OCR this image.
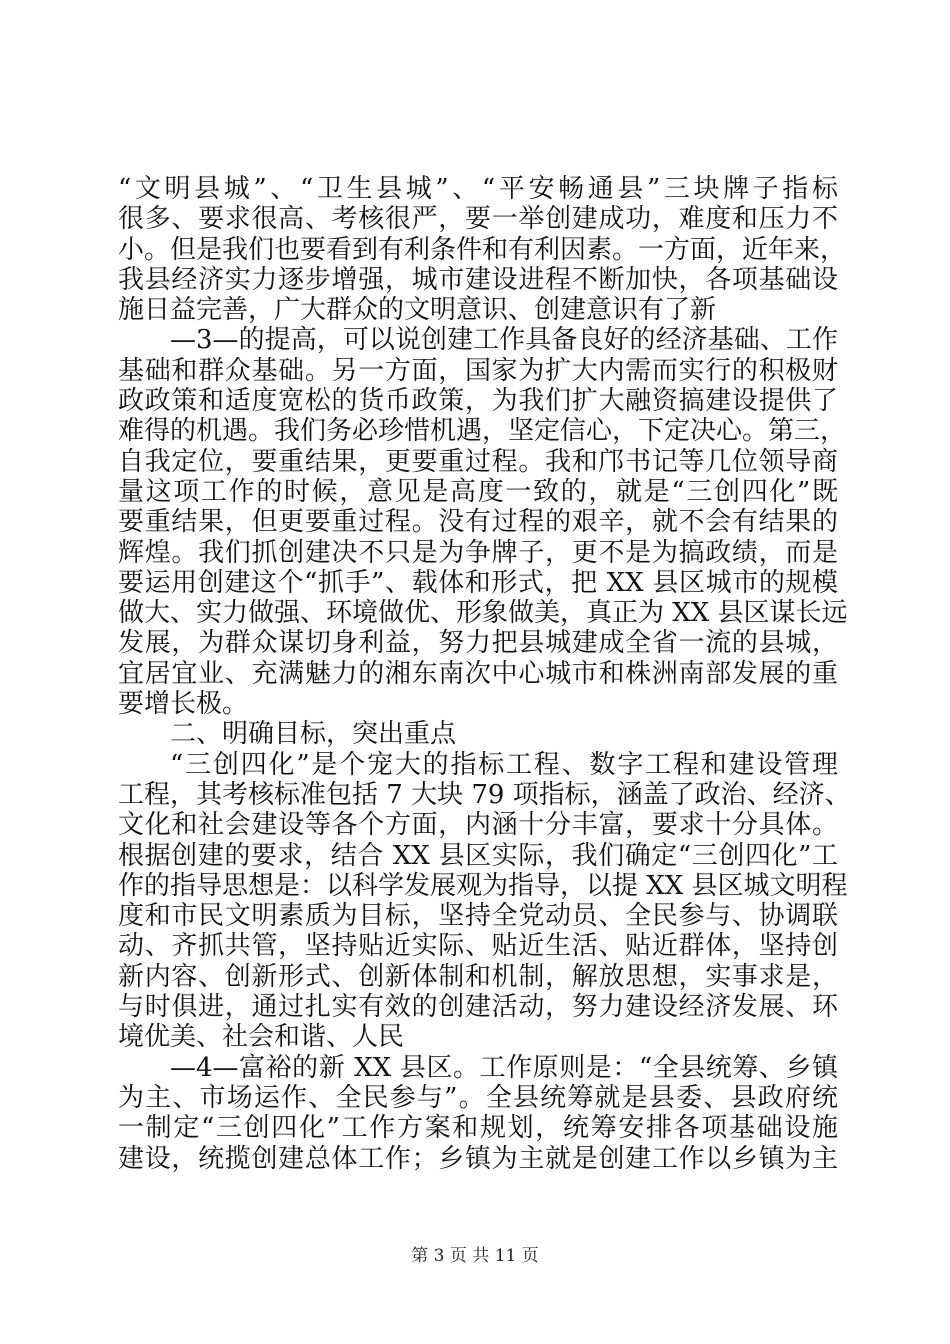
“文明县城”、“卫生县城”、“平安畅通县”三块牌子指标
很多、要求很高、考核很严，要一举创建成功，难度和压力不
小。但是我们也要看到有利条件和有利因素。一方面，近年来，
我县经济实力逐步增强，城市建设进程不断加快，各项基础设
施日益完善，广大群众的文明意识、创建意识有了新
—3—的提高，可以说创建工作具备良好的经济基础、工作
基础和群众基础。另一方面，国家为扩大内需而实行的积极财
政政策和适度宽松的货币政策，为我们扩大融资搞建设提供了
难得的机遇。我们务必珍惜机遇，坚定信心，下定决心。第三，
自我定位，要重结果，更要重过程。我和邝书记等几位领导商
量这项工作的时候，意见是高度一致的，就是“三创四化”既
要重结果，但更要重过程。没有过程的艰辛，就不会有结果的
辉煌。我们抓创建决不只是为争牌子，更不是为搞政绩，而是
要运用创建这个“抓手”、载体和形式，把 XX 县区城市的规模
做大、实力做强、环境做优、形象做美，真正为 XX 县区谋长远
发展，为群众谋切身利益，努力把县城建成全省一流的县城，
宜居宜业、充满魅力的湘东南次中心城市和株洲南部发展的重
要增长极。
二、明确目标，突出重点
“三创四化”是个宠大的指标工程、数字工程和建设管理
工程，其考核标准包括 7 大块 79 项指标，涵盖了政治、经济、
文化和社会建设等各个方面，内涵十分丰富，要求十分具体。
根据创建的要求，结合 XX 县区实际，我们确定“三创四化”工
作的指导思想是：以科学发展观为指导，以提 XX 县区城文明程
度和市民文明素质为目标，坚持全党动员、全民参与、协调联
动、齐抓共管，坚持贴近实际、贴近生活、贴近群体，坚持创
新内容、创新形式、创新体制和机制，解放思想，实事求是，
与时俱进，通过扎实有效的创建活动，努力建设经济发展、环
境优美、社会和谐、人民
—4—富裕的新 XX 县区。工作原则是：“全县统筹、乡镇
为主、市场运作、全民参与”。全县统筹就是县委、县政府统
一制定“三创四化”工作方案和规划，统筹安排各项基础设施
建设，统揽创建总体工作；乡镇为主就是创建工作以乡镇为主
第 3 页 共 11 页
